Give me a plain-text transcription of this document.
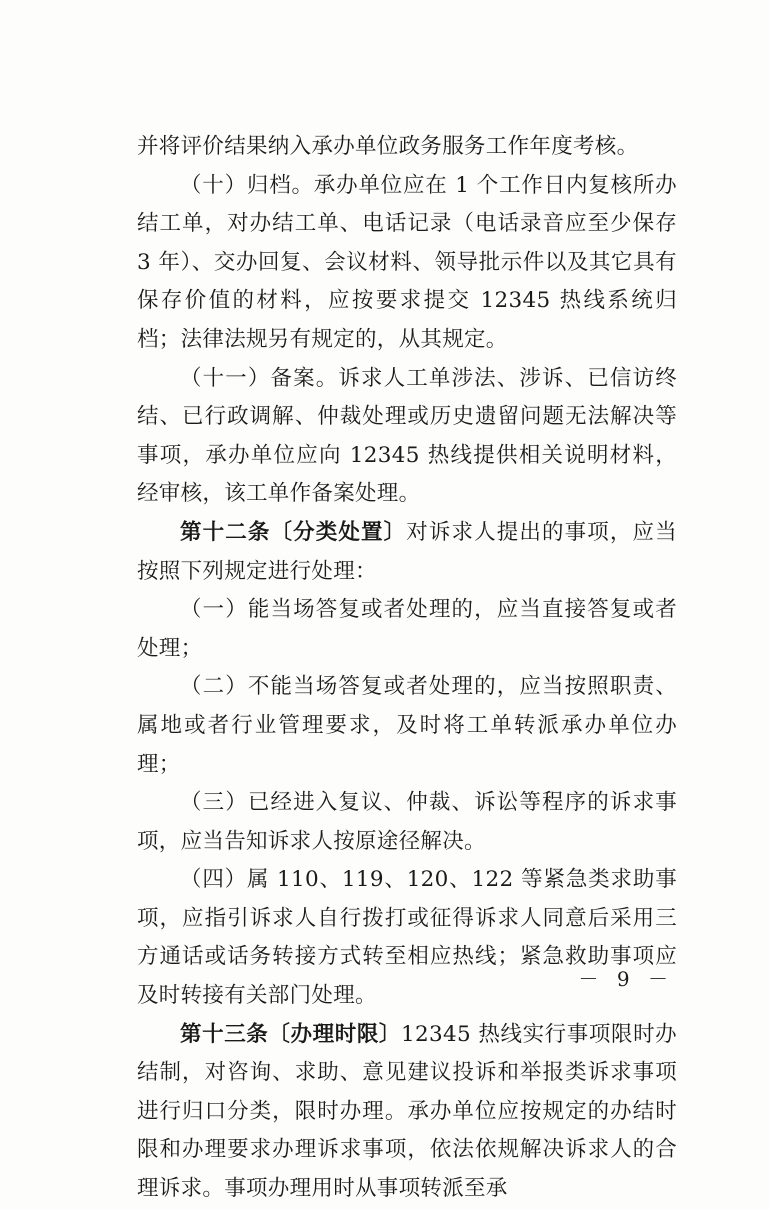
并将评价结果纳入承办单位政务服务工作年度考核。

（十）归档。承办单位应在 1 个工作日内复核所办结工单，对办结工单、电话记录（电话录音应至少保存 3 年）、交办回复、会议材料、领导批示件以及其它具有保存价值的材料，应按要求提交 12345 热线系统归档；法律法规另有规定的，从其规定。

（十一）备案。诉求人工单涉法、涉诉、已信访终结、已行政调解、仲裁处理或历史遗留问题无法解决等事项，承办单位应向 12345 热线提供相关说明材料，经审核，该工单作备案处理。

第十二条〔分类处置〕对诉求人提出的事项，应当按照下列规定进行处理：

（一）能当场答复或者处理的，应当直接答复或者处理；

（二）不能当场答复或者处理的，应当按照职责、属地或者行业管理要求，及时将工单转派承办单位办理；

（三）已经进入复议、仲裁、诉讼等程序的诉求事项，应当告知诉求人按原途径解决。

（四）属 110、119、120、122 等紧急类求助事项，应指引诉求人自行拨打或征得诉求人同意后采用三方通话或话务转接方式转至相应热线；紧急救助事项应及时转接有关部门处理。

第十三条〔办理时限〕12345 热线实行事项限时办结制，对咨询、求助、意见建议投诉和举报类诉求事项进行归口分类，限时办理。承办单位应按规定的办结时限和办理要求办理诉求事项，依法依规解决诉求人的合理诉求。事项办理用时从事项转派至承

－ 9 －
